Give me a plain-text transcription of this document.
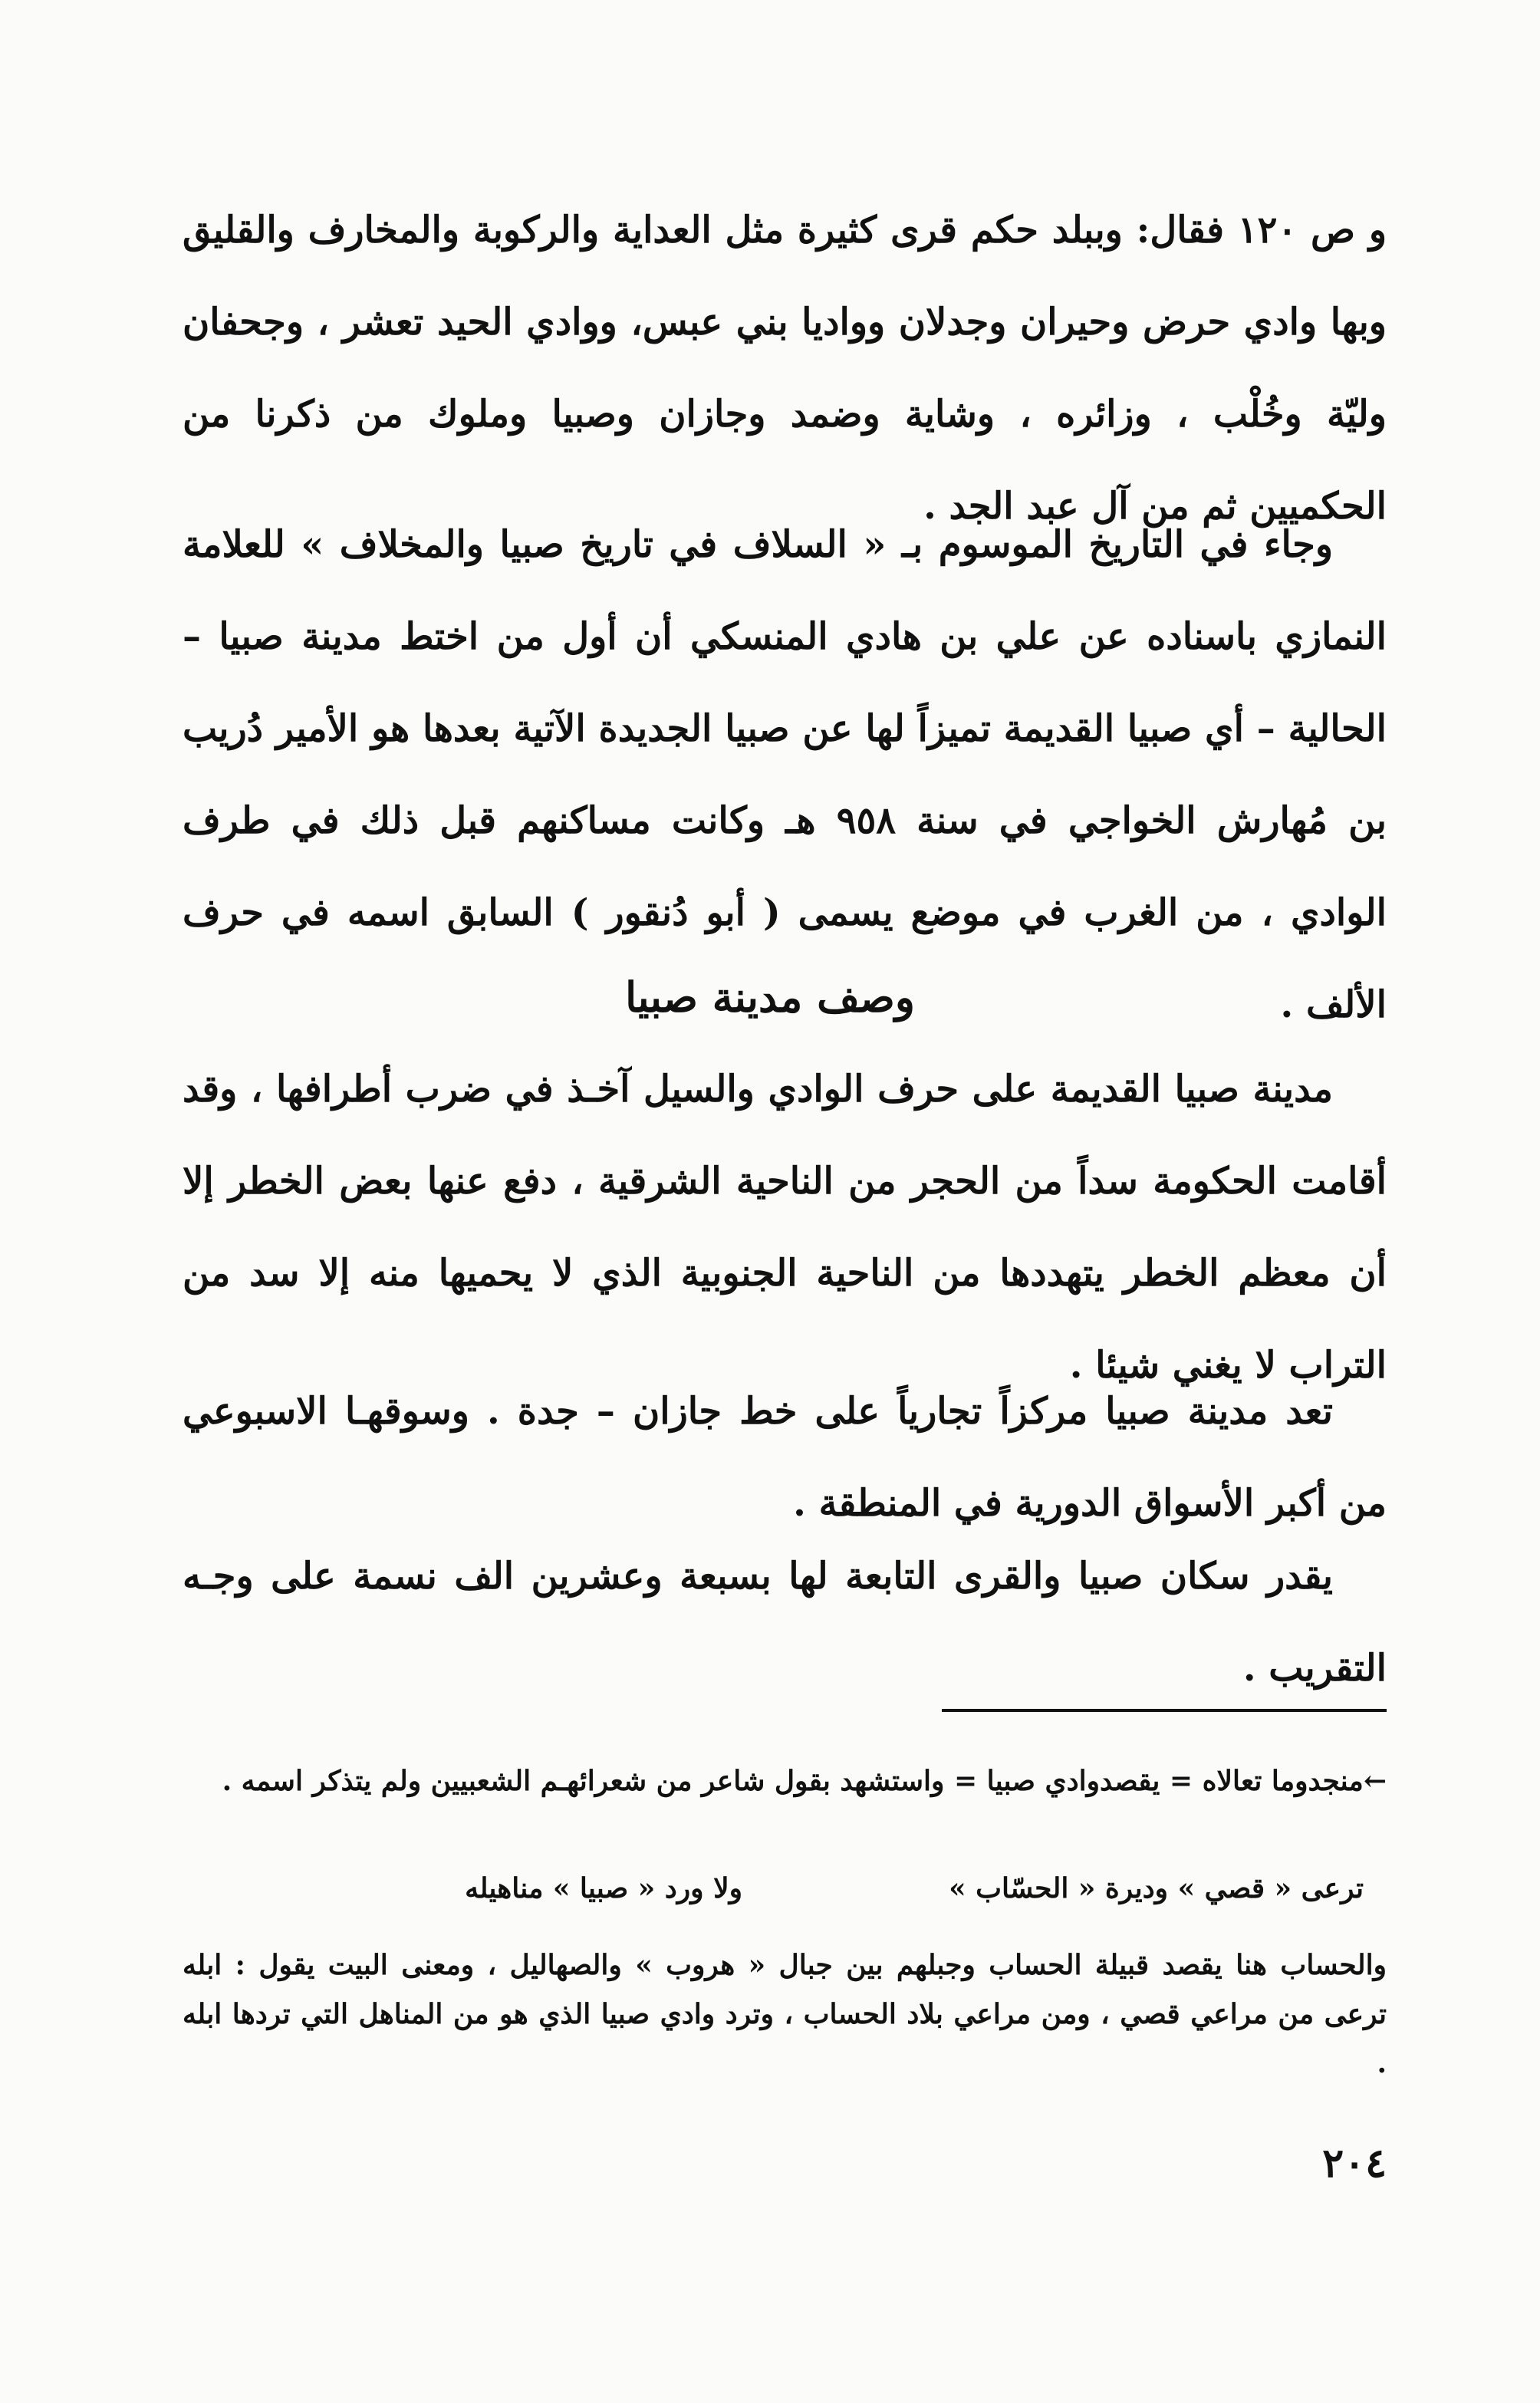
و ص ١٢٠ فقال: وببلد حكم قرى كثيرة مثل العداية والركوبة والمخارف والقليق وبها وادي حرض وحيران وجدلان وواديا بني عبس، ووادي الحيد تعشر ، وجحفان وليّة وخُلْب ، وزائره ، وشاية وضمد وجازان وصبيا وملوك من ذكرنا من الحكميين ثم من آل عبد الجد .

وجاء في التاريخ الموسوم بـ « السلاف في تاريخ صبيا والمخلاف » للعلامة النمازي باسناده عن علي بن هادي المنسكي أن أول من اختط مدينة صبيا – الحالية – أي صبيا القديمة تميزاً لها عن صبيا الجديدة الآتية بعدها هو الأمير دُريب بن مُهارش الخواجي في سنة ٩٥٨ هـ وكانت مساكنهم قبل ذلك في طرف الوادي ، من الغرب في موضع يسمى ( أبو دُنقور ) السابق اسمه في حرف الألف .

وصف مدينة صبيا

مدينة صبيا القديمة على حرف الوادي والسيل آخـذ في ضرب أطرافها ، وقد أقامت الحكومة سداً من الحجر من الناحية الشرقية ، دفع عنها بعض الخطر إلا أن معظم الخطر يتهددها من الناحية الجنوبية الذي لا يحميها منه إلا سد من التراب لا يغني شيئا .

تعد مدينة صبيا مركزاً تجارياً على خط جازان – جدة . وسوقهـا الاسبوعي من أكبر الأسواق الدورية في المنطقة .

يقدر سكان صبيا والقرى التابعة لها بسبعة وعشرين الف نسمة على وجـه التقريب .

←منجدوما تعالاه = يقصدوادي صبيا = واستشهد بقول شاعر من شعرائهـم الشعبيين ولم يتذكر اسمه .
ترعى « قصي » وديرة « الحسّاب »
ولا ورد « صبيا » مناهيله
والحساب هنا يقصد قبيلة الحساب وجبلهم بين جبال « هروب » والصهاليل ، ومعنى البيت يقول : ابله ترعى من مراعي قصي ، ومن مراعي بلاد الحساب ، وترد وادي صبيا الذي هو من المناهل التي تردها ابله .
٢٠٤
